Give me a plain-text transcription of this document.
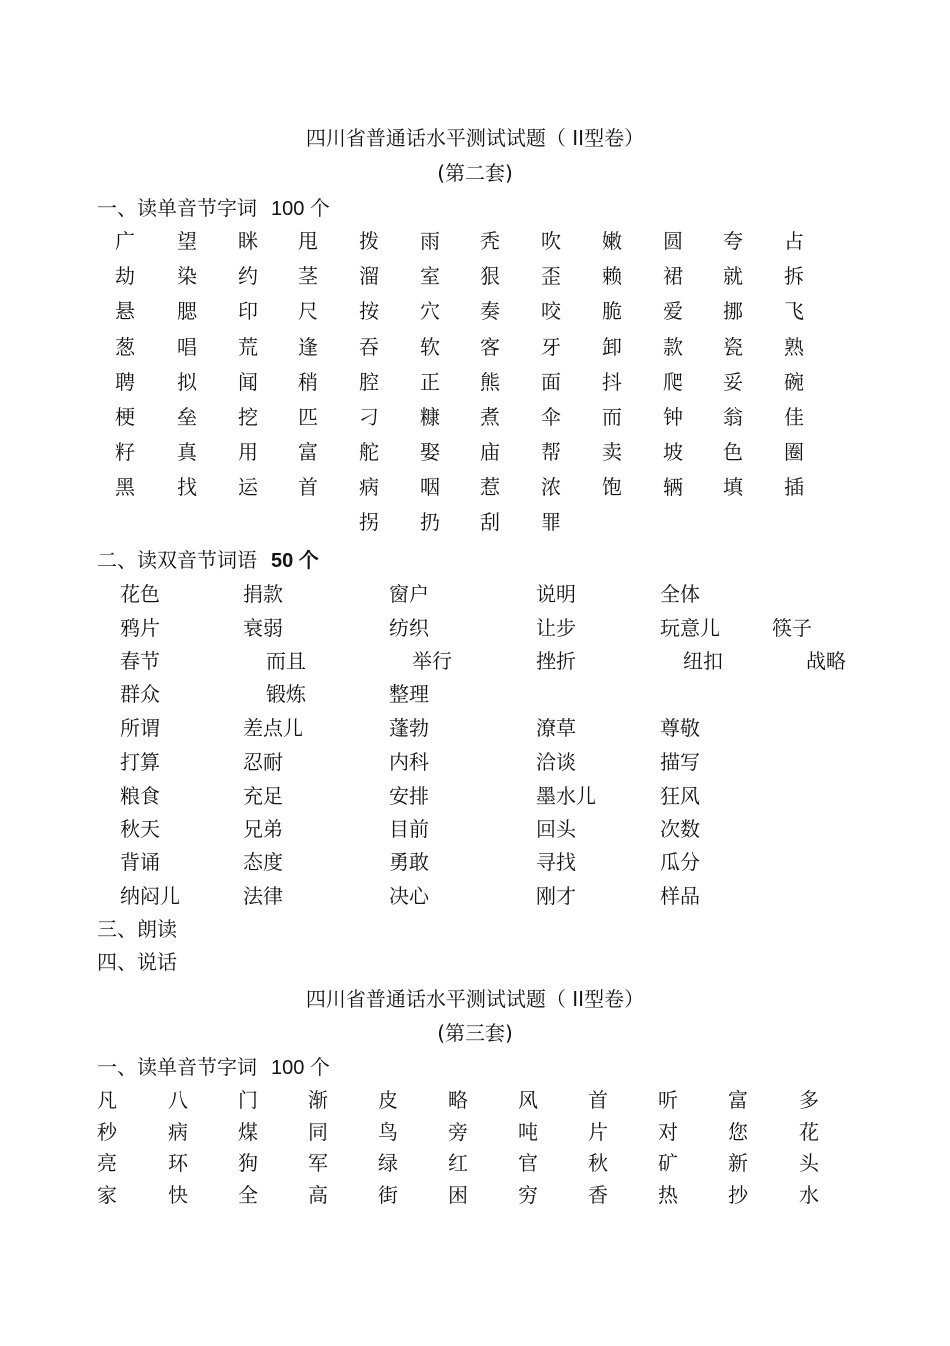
四川省普通话水平测试试题（ II型卷）
(第二套)
一、读单音节字词 100 个
广 望 眯 甩 拨 雨 秃 吹 嫩 圆 夸 占
劫 染 约 茎 溜 室 狠 歪 赖 裙 就 拆
悬 腮 印 尺 按 穴 奏 咬 脆 爱 挪 飞
葱 唱 荒 逢 吞 软 客 牙 卸 款 瓷 熟
聘 拟 闻 稍 腔 正 熊 面 抖 爬 妥 碗
梗 垒 挖 匹 刁 糠 煮 伞 而 钟 翁 佳
籽 真 用 富 舵 娶 庙 帮 卖 坡 色 圈
黑 找 运 首 病 咽 惹 浓 饱 辆 填 插
拐 扔 刮 罪
二、读双音节词语 50 个
花色	捐款	窗户	说明	全体
鸦片	衰弱	纺织	让步	玩意儿	筷子
春节	而且	举行	挫折	纽扣	战略
群众	锻炼	整理
所谓	差点儿	蓬勃	潦草	尊敬
打算	忍耐	内科	洽谈	描写
粮食	充足	安排	墨水儿	狂风
秋天	兄弟	目前	回头	次数
背诵	态度	勇敢	寻找	瓜分
纳闷儿	法律	决心	刚才	样品
三、朗读
四、说话
四川省普通话水平测试试题（ II型卷）
(第三套)
一、读单音节字词 100 个
凡	八	门	渐	皮	略	风	首	听	富	多
秒	病	煤	同	鸟	旁	吨	片	对	您	花
亮	环	狗	军	绿	红	官	秋	矿	新	头
家	快	全	高	街	困	穷	香	热	抄	水
